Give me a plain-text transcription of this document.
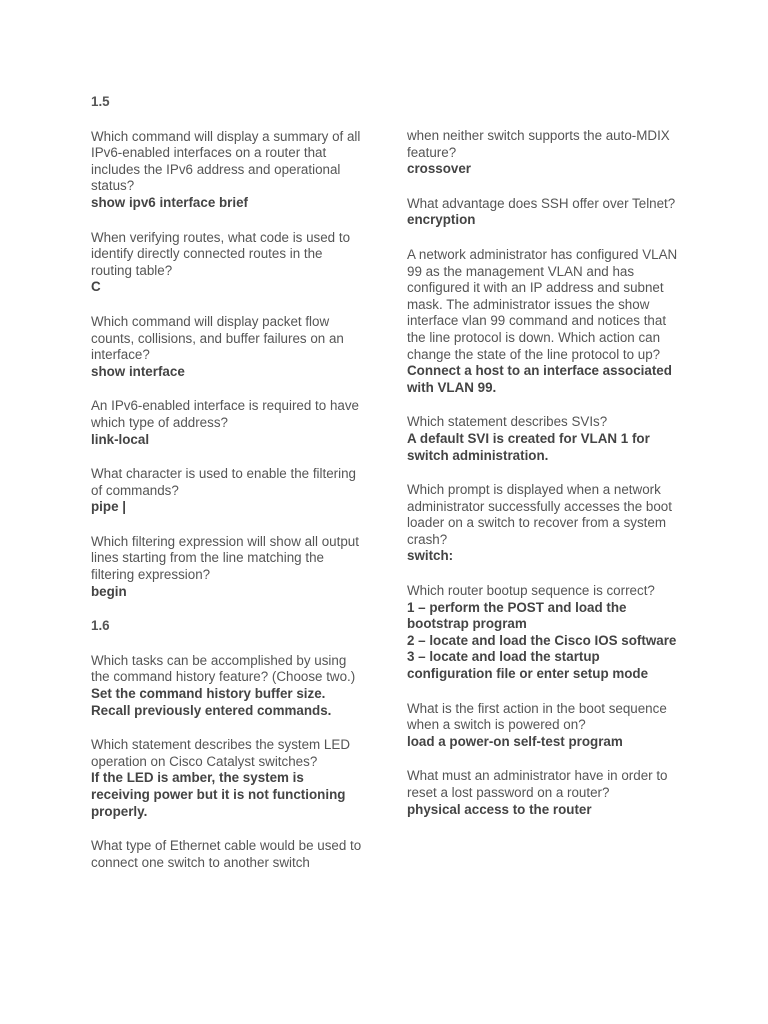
1.5

Which command will display a summary of all IPv6-enabled interfaces on a router that includes the IPv6 address and operational status?

show ipv6 interface brief

When verifying routes, what code is used to identify directly connected routes in the routing table?

C

Which command will display packet flow counts, collisions, and buffer failures on an interface?

show interface

An IPv6-enabled interface is required to have which type of address?

link-local

What character is used to enable the filtering of commands?

pipe |

Which filtering expression will show all output lines starting from the line matching the filtering expression?

begin

1.6

Which tasks can be accomplished by using the command history feature? (Choose two.)

Set the command history buffer size.
Recall previously entered commands.

Which statement describes the system LED operation on Cisco Catalyst switches?

If the LED is amber, the system is receiving power but it is not functioning properly.

What type of Ethernet cable would be used to connect one switch to another switch

when neither switch supports the auto-MDIX feature?

crossover

What advantage does SSH offer over Telnet?

encryption

A network administrator has configured VLAN 99 as the management VLAN and has configured it with an IP address and subnet mask. The administrator issues the show interface vlan 99 command and notices that the line protocol is down. Which action can change the state of the line protocol to up?

Connect a host to an interface associated with VLAN 99.

Which statement describes SVIs?

A default SVI is created for VLAN 1 for switch administration.

Which prompt is displayed when a network administrator successfully accesses the boot loader on a switch to recover from a system crash?

switch:

Which router bootup sequence is correct?

1 – perform the POST and load the bootstrap program
2 – locate and load the Cisco IOS software
3 – locate and load the startup configuration file or enter setup mode

What is the first action in the boot sequence when a switch is powered on?

load a power-on self-test program

What must an administrator have in order to reset a lost password on a router?

physical access to the router
